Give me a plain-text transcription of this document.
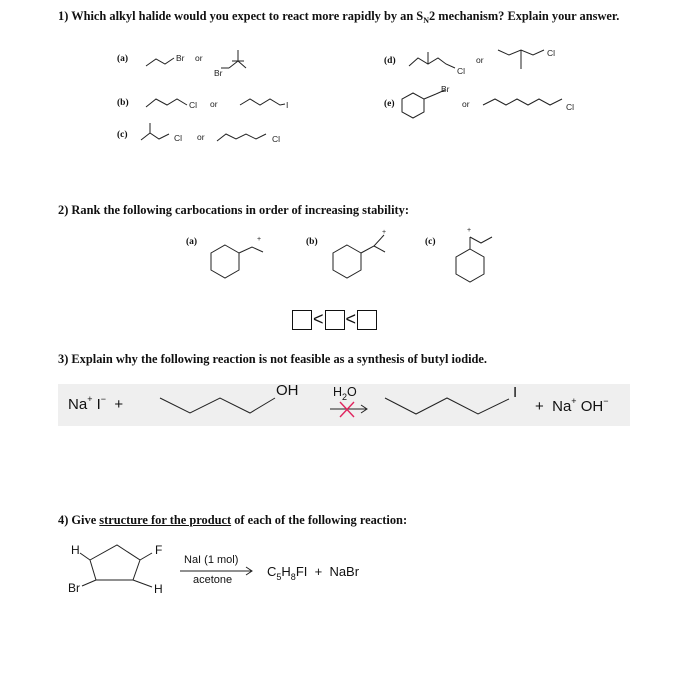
1) Which alkyl halide would you expect to react more rapidly by an $S_N2$ mechanism? Explain your answer.
(a)
(b)
(c)
(d)
(e)
or
or
or
or
or
Br
Br
Cl	I
Cl	Cl
Cl
Cl
Br
Cl
2) Rank the following carbocations in order of increasing stability:
(a)	(b)	(c)
+
+	+
< <
3) Explain why the following reaction is not feasible as a synthesis of butyl iodide.
Na+ I− +
OH	$H_2O$	I
+ Na+ OH−
4) Give structure for the product of each of the following reaction:
H	F
Br	H
NaI (1 mol)
acetone
$C_5H_8FI$ + NaBr
